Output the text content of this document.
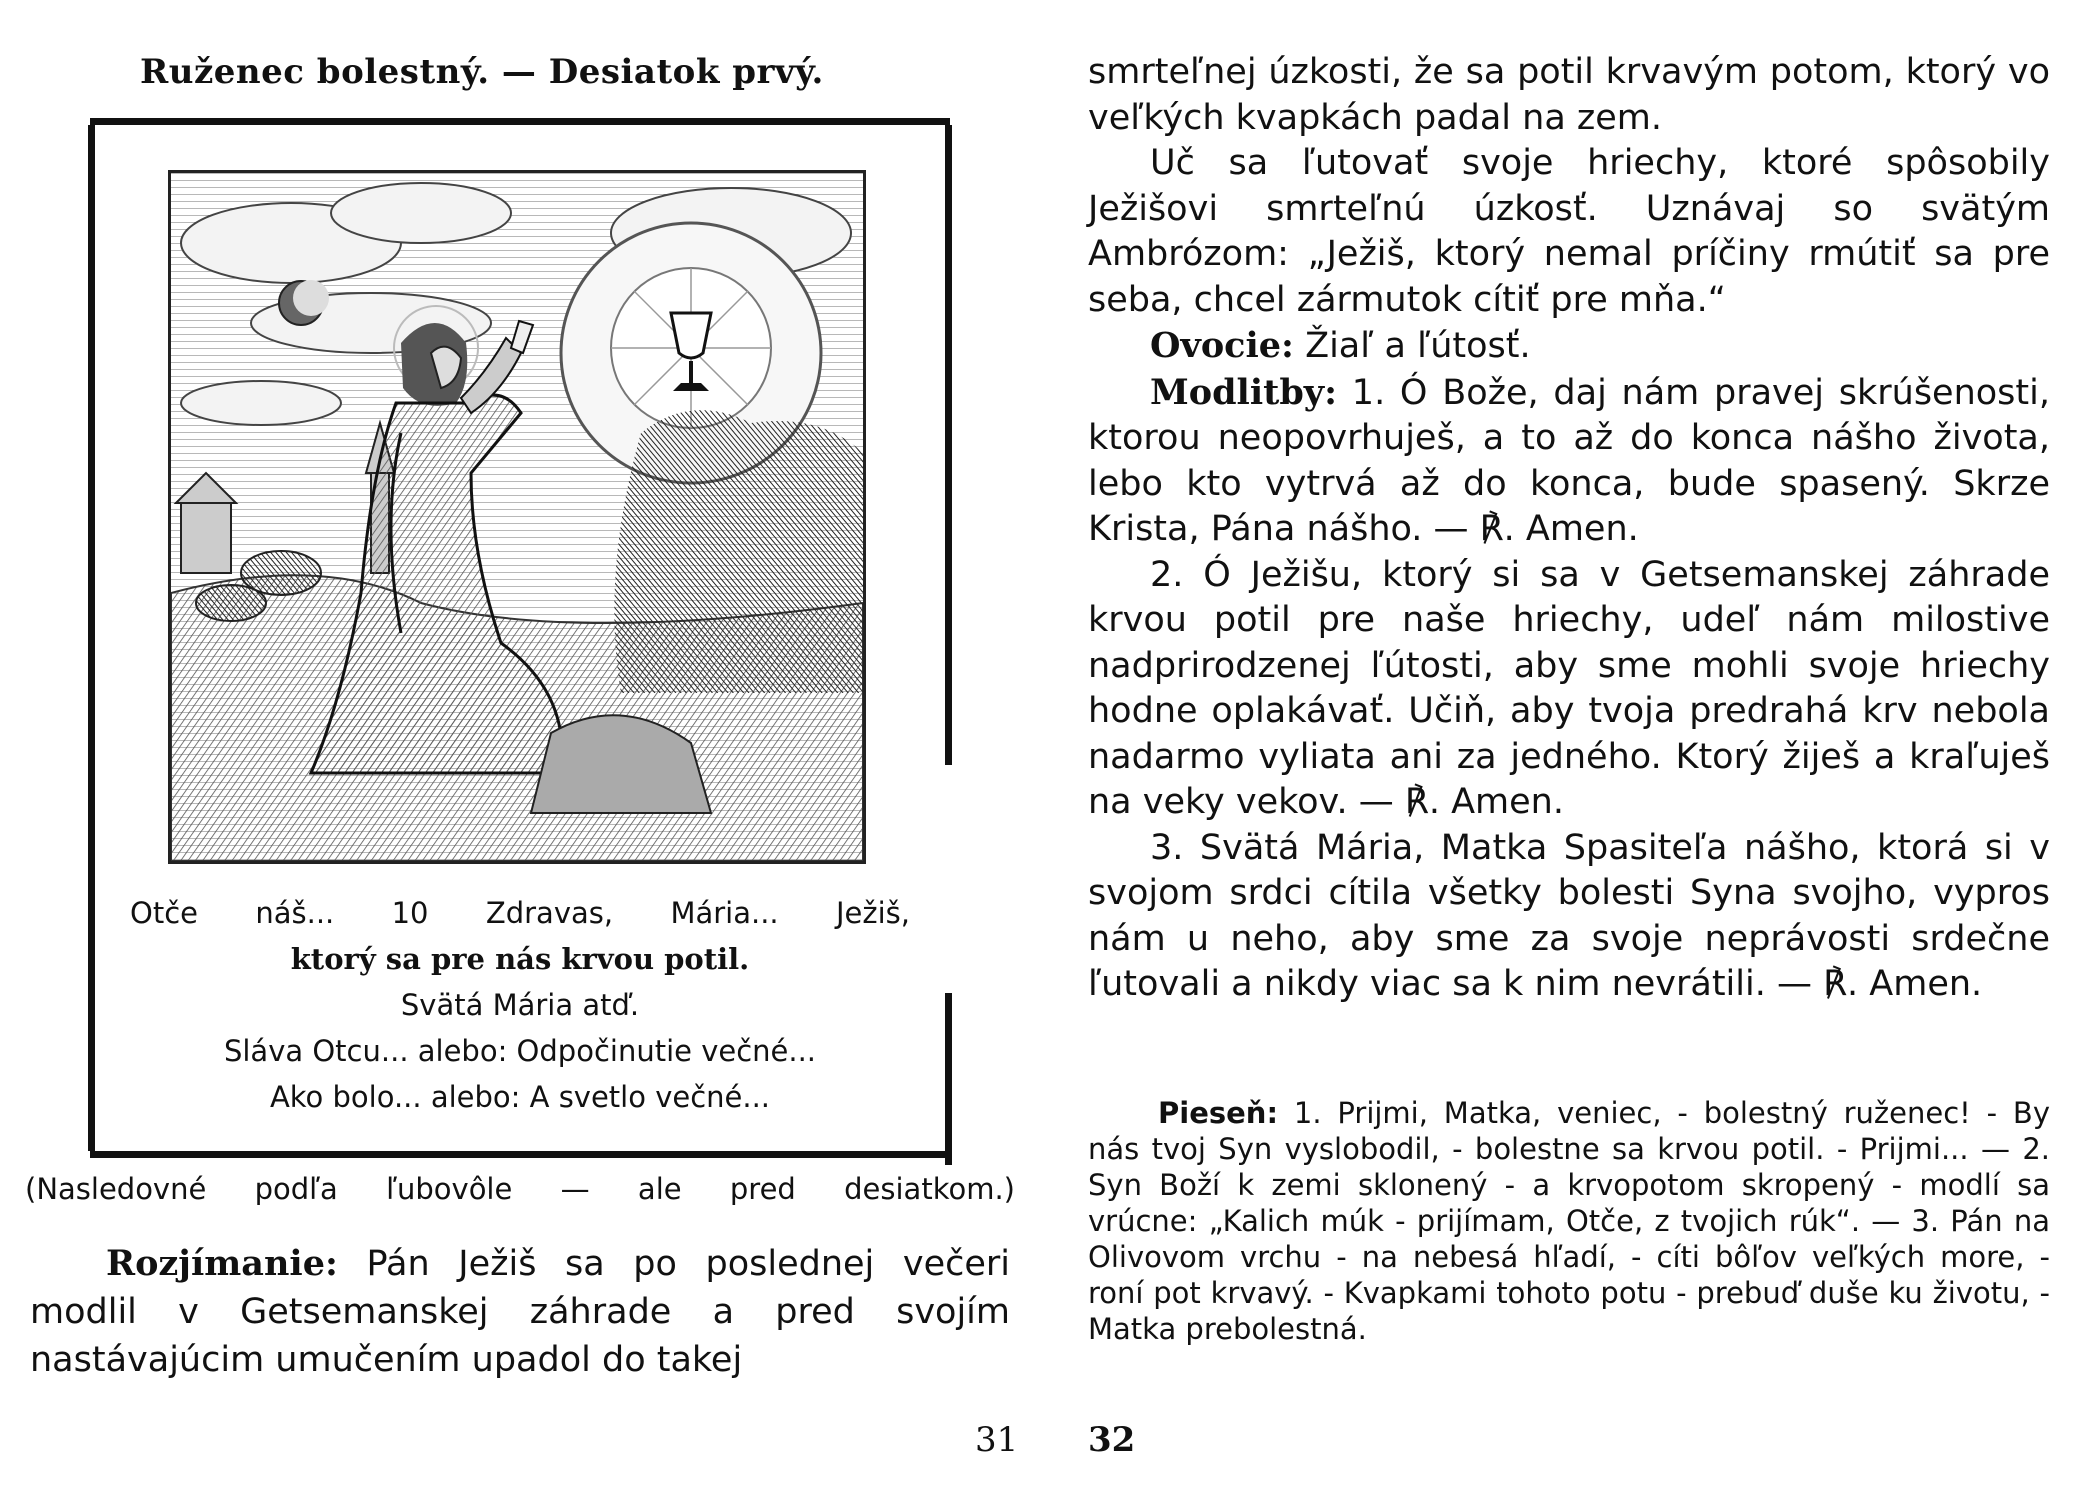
Ruženec bolestný. — Desiatok prvý.
Otče náš... 10 Zdravas, Mária... Ježiš,
ktorý sa pre nás krvou potil.
Svätá Mária atď.
Sláva Otcu... alebo: Odpočinutie večné...
Ako bolo... alebo: A svetlo večné...
(Nasledovné podľa ľubovôle — ale pred desiatkom.)
Rozjímanie: Pán Ježiš sa po poslednej večeri modlil v Getsemanskej záhrade a pred svojím nastávajúcim umučením upadol do takej
31

smrteľnej úzkosti, že sa potil krvavým potom, ktorý vo veľkých kvapkách padal na zem.

Uč sa ľutovať svoje hriechy, ktoré spôsobily Ježišovi smrteľnú úzkosť. Uznávaj so svätým Ambrózom: „Ježiš, ktorý nemal príčiny rmútiť sa pre seba, chcel zármutok cítiť pre mňa.“

Ovocie: Žiaľ a ľútosť.

Modlitby: 1. Ó Bože, daj nám pravej skrúšenosti, ktorou neopovrhuješ, a to až do konca nášho života, lebo kto vytrvá až do konca, bude spasený. Skrze Krista, Pána nášho. — ℟. Amen.

2. Ó Ježišu, ktorý si sa v Getsemanskej záhrade krvou potil pre naše hriechy, udeľ nám milostive nadprirodzenej ľútosti, aby sme mohli svoje hriechy hodne oplakávať. Učiň, aby tvoja predrahá krv nebola nadarmo vyliata ani za jedného. Ktorý žiješ a kraľuješ na veky vekov. — ℟. Amen.

3. Svätá Mária, Matka Spasiteľa nášho, ktorá si v svojom srdci cítila všetky bolesti Syna svojho, vypros nám u neho, aby sme za svoje neprávosti srdečne ľutovali a nikdy viac sa k nim nevrátili. — ℟. Amen.

Pieseň: 1. Prijmi, Matka, veniec, - bolestný ruženec! - By nás tvoj Syn vyslobodil, - bolestne sa krvou potil. - Prijmi... — 2. Syn Boží k zemi sklonený - a krvopotom skropený - modlí sa vrúcne: „Kalich múk - prijímam, Otče, z tvojich rúk“. — 3. Pán na Olivovom vrchu - na nebesá hľadí, - cíti bôľov veľkých more, - roní pot krvavý. - Kvapkami tohoto potu - prebuď duše ku životu, - Matka prebolestná.
32
